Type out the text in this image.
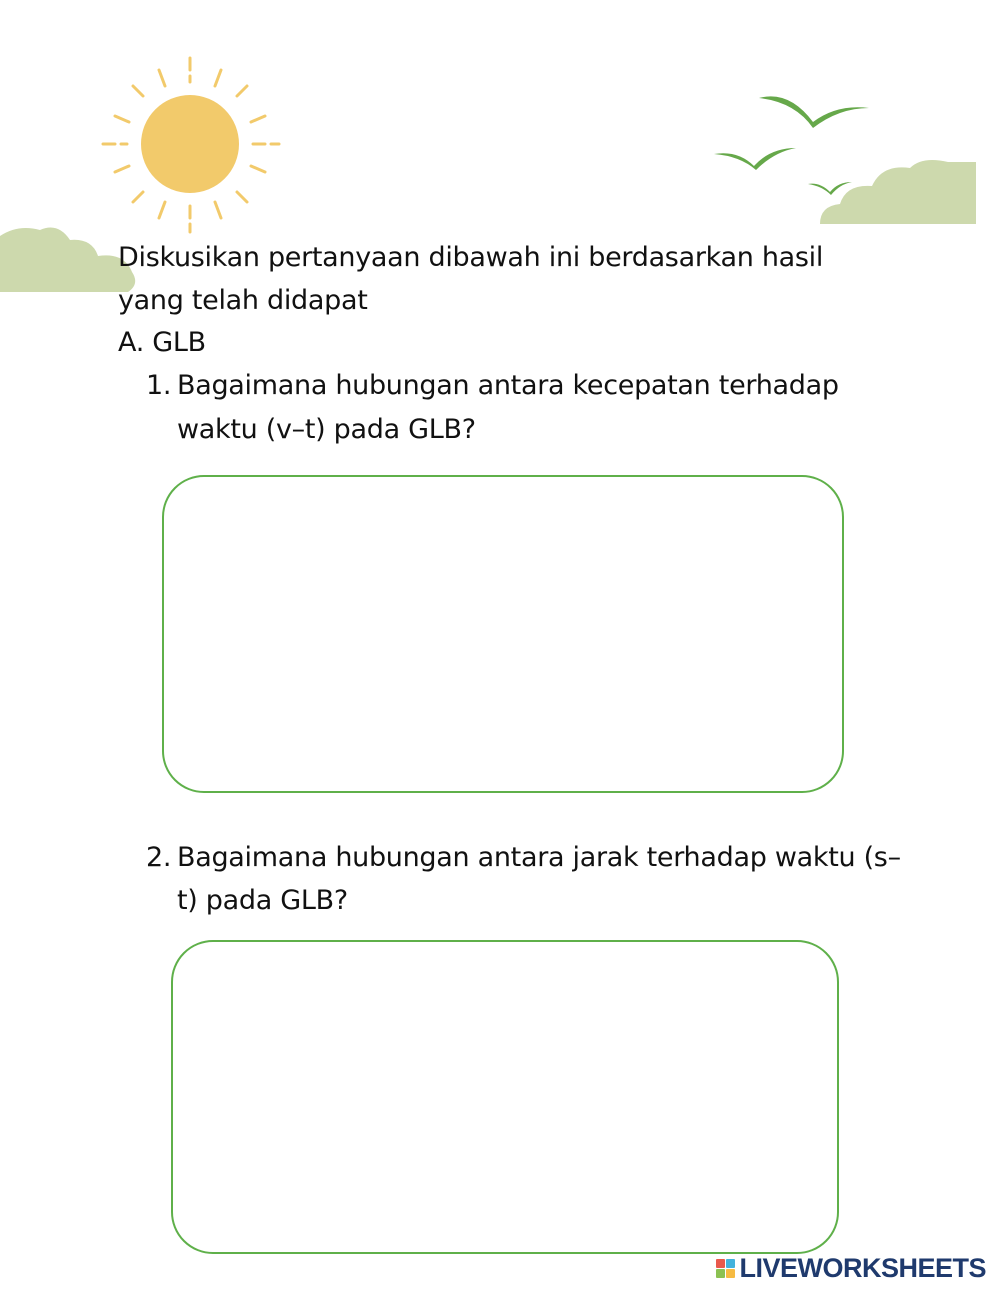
Diskusikan pertanyaan dibawah ini berdasarkan hasil
yang telah didapat
A. GLB
1. Bagaimana hubungan antara kecepatan terhadap
waktu (v–t) pada GLB?
2. Bagaimana hubungan antara jarak terhadap waktu (s–
t) pada GLB?
LIVEWORKSHEETS
